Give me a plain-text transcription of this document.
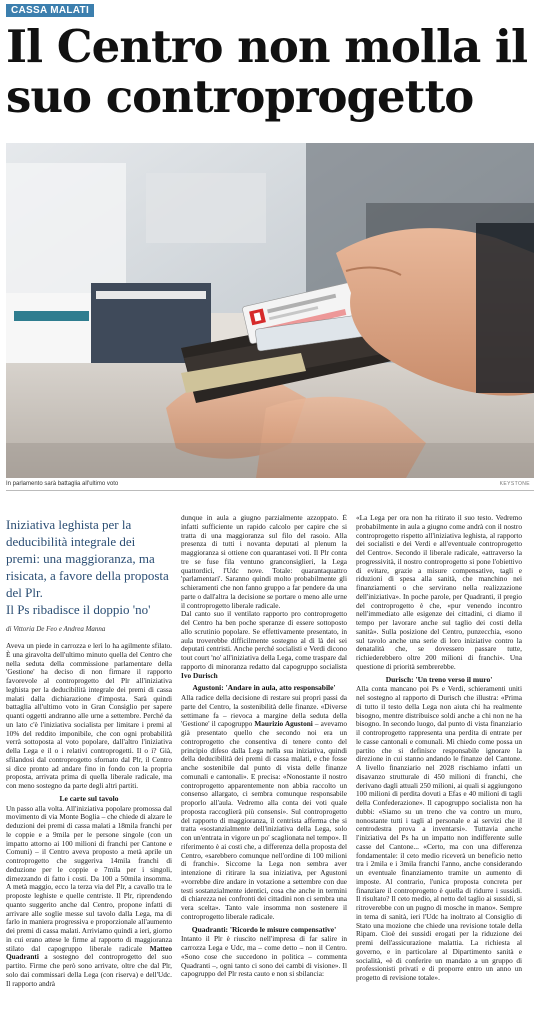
CASSA MALATI
Il Centro non molla il suo controprogetto
In parlamento sarà battaglia all'ultimo voto	KEYSTONE
Iniziativa leghista per la deducibilità integrale dei premi: una maggioranza, ma risicata, a favore della proposta del Plr.
Il Ps ribadisce il doppio 'no'
di Vittoria De Feo e Andrea Manna

Aveva un piede in carrozza e lerì lo ha agilmente sfilato. È una giravolta dell'ultimo minuto quella del Centro che nella seduta della commissione parlamentare della 'Gestione' ha deciso di non firmare il rapporto favorevole al controprogetto del Plr all'iniziativa leghista per la deducibilità integrale dei premi di cassa malati dalla dichiarazione d'imposta. Sarà quindi battaglia all'ultimo voto in Gran Consiglio per sapere quanti oggetti andranno alle urne a settembre. Perché da un lato c'è l'iniziativa socialista per limitare i premi al 10% del reddito imponibile, che con ogni probabilità verrà sottoposta al voto popolare, dall'altro l'iniziativa della Lega e il o i relativi controprogetti. Il o i? Già, sfilandosi dal controprogetto sfornato dal Plr, il Centro si dice pronto ad andare fino in fondo con la propria proposta, arrivata prima di quella liberale radicale, ma con meno sostegno da parte degli altri partiti.

Le carte sul tavolo

Un passo alla volta. All'iniziativa popolare promossa dal movimento di via Monte Boglia – che chiede di alzare le deduzioni dei premi di cassa malati a 18mila franchi per le coppie e a 9mila per le persone singole (con un impatto attorno ai 100 milioni di franchi per Cantone e Comuni) – il Centro aveva proposto a metà aprile un controprogetto che suggeriva 14mila franchi di deduzione per le coppie e 7mila per i singoli, dimezzando di fatto i costi. Da 100 a 50mila insomma. A metà maggio, ecco la terza via del Plr, a cavallo tra le proposte leghiste e quelle centriste. Il Plr, riprendendo quanto suggerito anche dal Centro, propone infatti di arrivare alle soglie messe sul tavolo dalla Lega, ma di farlo in maniera progressiva e proporzionale all'aumento dei premi di cassa malati. Arriviamo quindi a ieri, giorno in cui erano attese le firme al rapporto di maggioranza stilato dal capogruppo liberale radicale Matteo Quadranti a sostegno del controprogetto del suo partito. Firme che però sono arrivate, oltre che dal Plr, solo dai commissari della Lega (con riserva) e dell'Udc. Il rapporto andrà

dunque in aula a giugno parzialmente azzoppato. È infatti sufficiente un rapido calcolo per capire che si tratta di una maggioranza sul filo del rasoio. Alla presenza di tutti i novanta deputati al plenum la maggioranza si ottiene con quarantasei voti. Il Plr conta tre se fuse fila ventuno granconsiglieri, la Lega quattordici, l'Udc nove. Totale: quarantaquattro 'parlamentari'. Saranno quindi molto probabilmente gli schieramenti che non fanno gruppo a far pendere da una parte o dall'altra la decisione se portare o meno alle urne il controprogetto liberale radicale.

Dal canto suo il ventilato rapporto pro controprogetto del Centro ha ben poche speranze di essere sottoposto allo scrutinio popolare. Se effettivamente presentato, in aula troverebbe difficilmente sostegno al di là dei sei deputati centristi. Anche perché socialisti e Verdi dicono tout court 'no' all'iniziativa della Lega, come traspare dal rapporto di minoranza redatto dal capogruppo socialista Ivo Durisch

Agustoni: 'Andare in aula, atto responsabile'

Alla radice della decisione di restare sui propri passi da parte del Centro, la sostenibilità delle finanze. «Diverse settimane fa – rievoca a margine della seduta della 'Gestione' il capogruppo Maurizio Agustoni – avevamo già presentato quello che secondo noi era un controprogetto che consentiva di tenere conto del principio difeso dalla Lega nella sua iniziativa, quindi della deducibilità dei premi di cassa malati, e che fosse anche sostenibile dal punto di vista delle finanze comunali e cantonali». E precisa: «Nonostante il nostro controprogetto apparentemente non abbia raccolto un consenso allargato, ci sembra comunque responsabile proporlo all'aula. Vedremo alla conta dei voti quale proposta raccoglierà più consensi». Sul controprogetto del rapporto di maggioranza, il centrista afferma che si tratta «sostanzialmente dell'iniziativa della Lega, solo con un'entrata in vigore un po' scaglionata nel tempo». Il riferimento è ai costi che, a differenza della proposta del Centro, «sarebbero comunque nell'ordine di 100 milioni di franchi». Siccome la Lega non sembra aver intenzione di ritirare la sua iniziativa, per Agustoni «vorrebbe dire andare in votazione a settembre con due testi sostanzialmente identici, cosa che anche in termini di chiarezza nei confronti dei cittadini non ci sembra una vera scelta». Tanto vale insomma non sostenere il controprogetto liberale radicale.

Quadranti: 'Ricordo le misure compensative'

Intanto il Plr è riuscito nell'impresa di far salire in carrozza Lega e Udc, ma – come detto – non il Centro. «Sono cose che succedono in politica – commenta Quadranti –, ogni tanto ci sono dei cambi di visione». Il capogruppo del Plr resta cauto e non si sbilancia:

«La Lega per ora non ha ritirato il suo testo. Vedremo probabilmente in aula a giugno come andrà con il nostro controprogetto rispetto all'iniziativa leghista, al rapporto dei socialisti e dei Verdi e all'eventuale controprogetto del Centro». Secondo il liberale radicale, «attraverso la progressività, il nostro controprogetto si pone l'obiettivo di evitare, grazie a misure compensative, tagli e riduzioni di spesa alla sanità, che manchino nei finanziamenti o che servirano nella realizzazione dell'iniziativa». In poche parole, per Quadranti, il pregio del controprogetto è che, «pur venendo incontro nell'immediato alle esigenze dei cittadini, ci diamo il tempo per lavorare anche sul taglio dei costi della sanità». Sulla posizione del Centro, punzecchia, «sono sul tavolo anche una serie di loro iniziative contro la denatalità che, se dovessero passare tutte, richiederebbero oltre 200 milioni di franchi». Una questione di priorità sembrerebbe.

Durisch: 'Un treno verso il muro'

Alla conta mancano poi Ps e Verdi, schieramenti uniti nel sostegno al rapporto di Durisch che illustra: «Prima di tutto il testo della Lega non aiuta chi ha realmente bisogno, mentre distribuisce soldi anche a chi non ne ha bisogno. In secondo luogo, dal punto di vista finanziario il controprogetto rappresenta una perdita di entrate per le casse cantonali e comunali. Mi chiedo come possa un partito che si definisce responsabile ignorare la direzione in cui stanno andando le finanze del Cantone. A livello finanziario nel 2028 rischiamo infatti un disavanzo strutturale di 450 milioni di franchi, che derivano dagli attuali 250 milioni, ai quali si aggiungono 100 milioni di perdita dovuti a Efas e 40 milioni di tagli della Confederazione». Il capogruppo socialista non ha dubbi: «Siamo su un treno che va contro un muro, nonostante tutti i tagli al personale e ai servizi che il centrodestra prova a inventarsi». Tuttavia anche l'iniziativa del Ps ha un impatto non indifferente sulle casse del Cantone... «Certo, ma con una differenza fondamentale: il ceto medio riceverà un beneficio netto tra i 2mila e i 3mila franchi l'anno, anche considerando un eventuale finanziamento tramite un aumento di imposte. Al contrario, l'unica proposta concreta per finanziare il controprogetto è quella di ridurre i sussidi. Il risultato? Il ceto medio, al netto del taglio ai sussidi, si ritroverebbe con un pugno di mosche in mano». Sempre in tema di sanità, ieri l'Udc ha inoltrato al Consiglio di Stato una mozione che chiede una revisione totale della Ripam. Cioè dei sussidi erogati per la riduzione dei premi dell'assicurazione malattia. La richiesta al governo, e in particolare al Dipartimento sanità e socialità, «è di conferire un mandato a un gruppo di professionisti privati e di proporre entro un anno un progetto di revisione totale».
